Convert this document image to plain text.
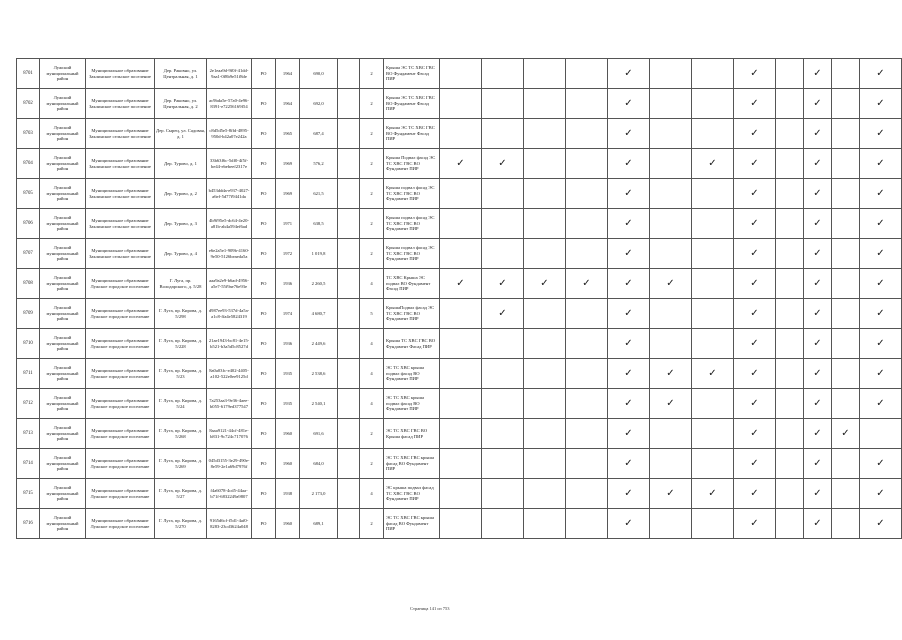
8701	Лужский муниципальный район	Муниципальное образование Заклинское сельское поселение	Дер. Раковно, ул. Центральная, д. 1	2e1eaa9d-9f0f-41dd-9aa1-0f8b9e51f8de	РО	1964	690,0		2	Крыша ЭС ТС ХВС ГВС ВО Фундамент Фасад ПИР					✓			✓		✓		✓
8702	Лужский муниципальный район	Муниципальное образование Заклинское сельское поселение	Дер. Раковно, ул. Центральная, д. 2	ac9bda5e-57a0-4e96-8391-e72256169f54	РО	1964	692,0		2	Крыша ЭС ТС ХВС ГВС ВО Фундамент Фасад ПИР					✓			✓		✓		✓
8703	Лужский муниципальный район	Муниципальное образование Заклинское сельское поселение	Дер. Сырец, ул. Садовая, д. 1	c8d5d5e5-8ffd-4895-950d-b42a07e242a	РО	1965	687,4		2	Крыша ЭС ТС ХВС ГВС ВО Фундамент Фасад ПИР					✓			✓		✓		✓
8704	Лужский муниципальный район	Муниципальное образование Заклинское сельское поселение	Дер. Турово, д. 1	33b63f6c-5df0-4f5f-be44-ebebeef2317e	РО	1969	576,2		2	Крыша Подвал фасад ЭС ТС ХВС ГВС ВО Фундамент ПИР	✓	✓			✓		✓	✓		✓		✓
8705	Лужский муниципальный район	Муниципальное образование Заклинское сельское поселение	Дер. Турово, д. 2	b453ddda-e937-4027-a6ef-5d77f9441da	РО	1969	621,5		2	Крыша подвал фасад ЭС ТС ХВС ГВС ВО Фундамент ПИР					✓			✓		✓		✓
8706	Лужский муниципальный район	Муниципальное образование Заклинское сельское поселение	Дер. Турово, д. 3	4b9f95e5-dc64-4e20-a81b-ab4a594ef6ad	РО	1971	638,5		2	Крыша подвал фасад ЭС ТС ХВС ГВС ВО Фундамент ПИР					✓			✓		✓		✓
8707	Лужский муниципальный район	Муниципальное образование Заклинское сельское поселение	Дер. Турово, д. 4	e6e2a5e1-909b-4160-9e50-5126beaeda5a	РО	1972	1 019,8		2	Крыша подвал фасад ЭС ТС ХВС ГВС ВО Фундамент ПИР					✓			✓		✓		✓
8708	Лужский муниципальный район	Муниципальное образование Лужское городское поселение	Г. Луга, пр. Володарского, д. 5/28	aaa9a2e9-b6ad-4956-a5e7-55f9ae76e93e	РО	1936	2 260,5		4	ТС ХВС Крыша ЭС подвал ВО Фундамент Фасад ПИР	✓	✓	✓	✓	✓	✓		✓		✓		✓
8709	Лужский муниципальный район	Муниципальное образование Лужское городское поселение	Г. Луга, пр. Кирова, д. 5/298	d987ee93-537d-4a5a-a1c8-ffa4e5824319	РО	1974	4 680,7		5	КрышаПодвал фасад ЭС ТС ХВС ГВС ВО Фундамент ПИР		✓			✓			✓		✓		✓
8710	Лужский муниципальный район	Муниципальное образование Лужское городское поселение	Г. Луга, пр. Кирова, д. 5/228	21ae1943-bc81-4e15-b521-b3a5d5c8527d	РО	1936	2 449,6		4	Крыша ТС ХВС ГВС ВО Фундамент Фасад ПИР					✓			✓		✓		✓
8711	Лужский муниципальный район	Муниципальное образование Лужское городское поселение	Г. Луга, пр. Кирова, д. 5/23	8a0a03fc-e402-4405-a102-522e0ee9125d	РО	1935	2 538,6		4	ЭС ТС ХВС крыша подвал фасад ВО Фундамент ПИР					✓	✓	✓	✓		✓		✓
8712	Лужский муниципальный район	Муниципальное образование Лужское городское поселение	Г. Луга, пр. Кирова, д. 5/24	7a253aa3-9e36-4aee-b055-6179ed377547	РО	1935	2 540,1		4	ЭС ТС ХВС крыша подвал фасад ВО Фундамент ПИР					✓	✓		✓		✓		✓
8713	Лужский муниципальный район	Муниципальное образование Лужское городское поселение	Г. Луга, пр. Кирова, д. 5/268	8aaa9121-44cf-481e-b831-9c724c717076	РО	1960	691,6		2	ЭС ТС ХВС ГВС ВО Крыша фасад ПИР					✓			✓		✓	✓	
8714	Лужский муниципальный район	Муниципальное образование Лужское городское поселение	Г. Луга, пр. Кирова, д. 5/269	045d3155-3e29-490e-8e59-2e1a69d7976f	РО	1960	684,0		2	ЭС ТС ХВС ГВС крыша фасад ВО Фундамент ПИР					✓			✓		✓		✓
8715	Лужский муниципальный район	Муниципальное образование Лужское городское поселение	Г. Луга, пр. Кирова, д. 5/27	f4a6078-4cd5-44aa-b71f-6832249a9807	РО	1938	2 173,0		4	ЭС крыша подвал фасад ТС ХВС ГВС ВО Фундамент ПИР					✓	✓	✓	✓		✓		✓
8716	Лужский муниципальный район	Муниципальное образование Лужское городское поселение	Г. Луга, пр. Кирова, д. 5/270	9165d6cf-f5d1-4af0-8283-23cd3624a048	РО	1960	689,1		2	ЭС ТС ХВС ГВС крыша фасад ВО Фундамент ПИР					✓			✓		✓		✓
Страница 141 из 753
